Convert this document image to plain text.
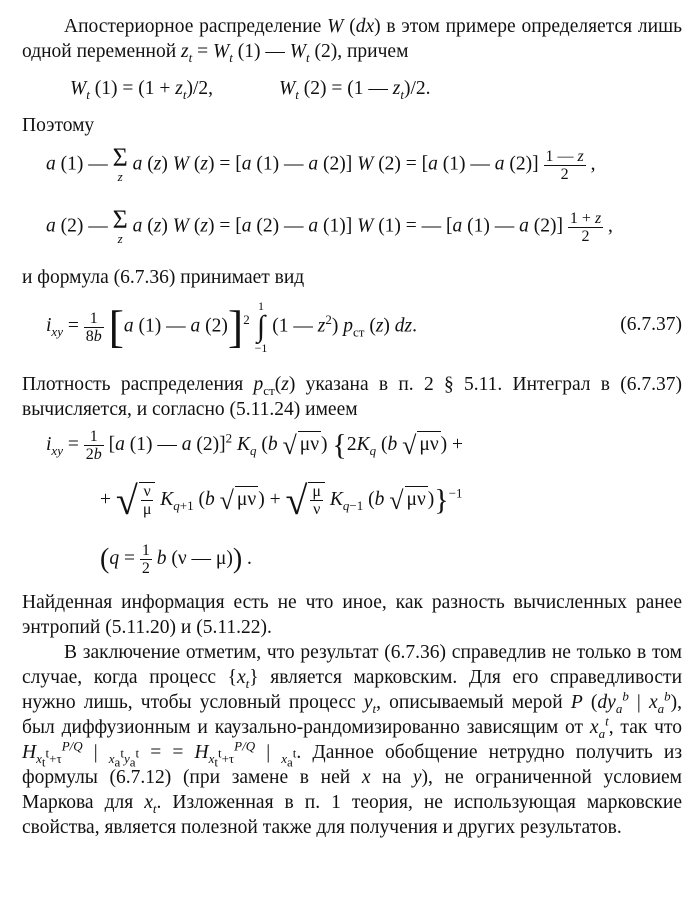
Апостериорное распределение W (dx) в этом примере определяется лишь одной переменной $z_t = W_t$ (1) — $W_t$ (2), причем

$W_t$ $(1) = (1 + z_t)/2$,	$W_t$ (2) = (1 — $z_t)/2$.

Поэтому

a (1) — Σ
z
a (z) W (z) = [a (1) — a (2)] W (2) = [a (1) — a $(2)] \frac{1 — z}{2}$ ,
a (2) — Σ
z
a (z) W (z) = [a (2) — a (1)] W (1) = — [a (1) — a $(2)] \frac{1 + z}{2}$ ,

и формула (6.7.36) принимает вид

$i_{xy} = \frac{1}{8b} [a$ (1) — a (2)]$^2$
1
∫
−1
(1 — $z^2$) $p_{ст}$ (z) dz.	(6.7.37)

Плотность распределения $p_{ст}(z)$ указана в п. 2 § 5.11. Интеграл в (6.7.37) вычисляется, и согласно (5.11.24) имеем

$i_{xy} = \frac{1}{2b} [a$ (1) — a (2)]$^2$ $K_q$ (b √ μν ) {$2K_q$ (b √ μν ) +
+ √ $\frac{\nu}{\mu} K_{q+1}$ (b √ μν ) + √ $\frac{\mu}{\nu} K_{q-1}$ (b √ μν )}$^{-1}$
($q = \frac{1}{2}$ b (ν — μ)) .

Найденная информация есть не что иное, как разность вычисленных ранее энтропий (5.11.20) и (5.11.22).

В заключение отметим, что результат (6.7.36) справедлив не только в том случае, когда процесс $\{x_t\}$ является марковским. Для его справедливости нужно лишь, чтобы условный процесс $y_t$, описываемый мерой P ($dy_a^b$ | $x_a^b$), был диффузионным и каузально-рандомизированно зависящим от $x_a^t$, так что $H_{x_t^t+\tau}^{P/Q}$ | $_{x_a^ty_a^t}$ = = $H_{x_t^t+\tau}^{P/Q}$ | $_{x_a^t}$. Данное обобщение нетрудно получить из формулы (6.7.12) (при замене в ней x на y), не ограниченной условием Маркова для $x_t$. Изложенная в п. 1 теория, не использующая марковские свойства, является полезной также для получения и других результатов.
